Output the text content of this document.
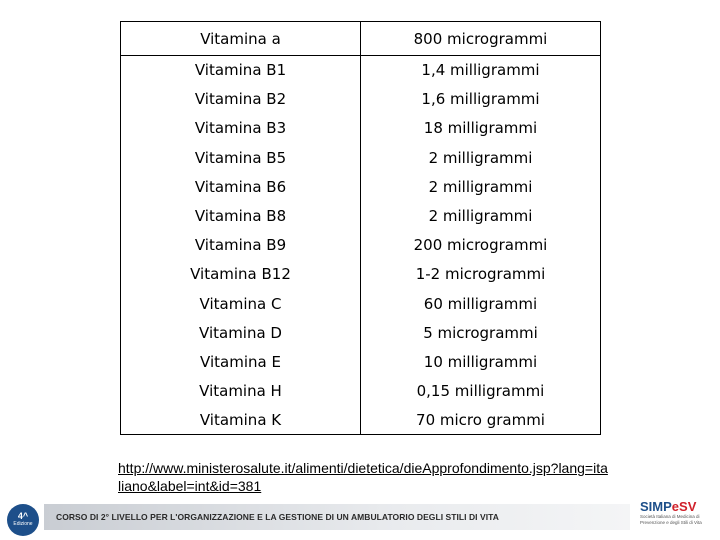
Vitamina a	800 microgrammi
Vitamina B1	1,4 milligrammi
Vitamina B2	1,6 milligrammi
Vitamina B3	18 milligrammi
Vitamina B5	2 milligrammi
Vitamina B6	2 milligrammi
Vitamina B8	2 milligrammi
Vitamina B9	200 microgrammi
Vitamina B12	1-2 microgrammi
Vitamina C	60 milligrammi
Vitamina D	5 microgrammi
Vitamina E	10 milligrammi
Vitamina H	0,15 milligrammi
Vitamina K	70 micro grammi
http://www.ministerosalute.it/alimenti/dietetica/dieApprofondimento.jsp?lang=italiano&label=int&id=381
4^
Edizione
CORSO DI 2° LIVELLO PER L'ORGANIZZAZIONE E LA GESTIONE DI UN AMBULATORIO DEGLI STILI DI VITA
SIMPeSV
Società Italiana di Medicina di Prevenzione e degli Stili di Vita
